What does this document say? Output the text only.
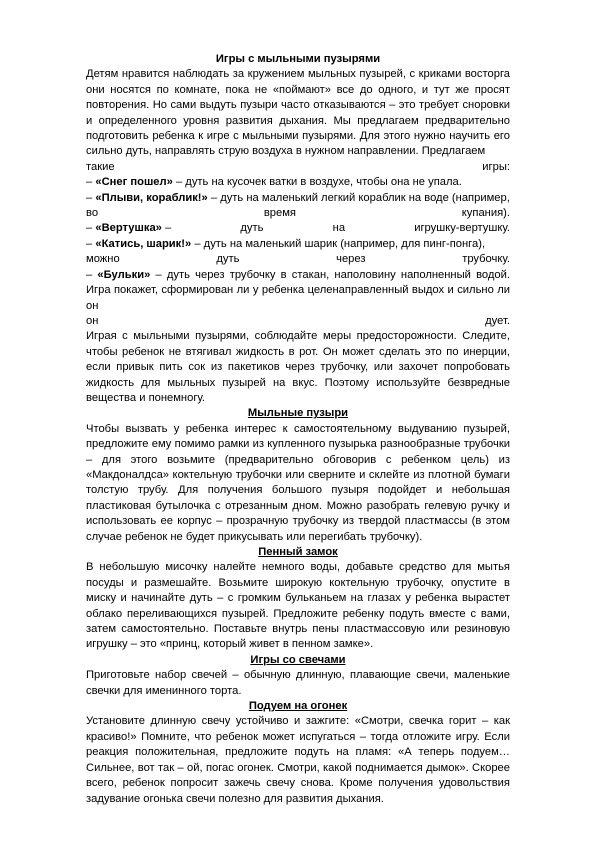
Игры с мыльными пузырями

Детям нравится наблюдать за кружением мыльных пузырей, с криками восторга они носятся по комнате, пока не «поймают» все до одного, и тут же просят повторения. Но сами выдуть пузыри часто отказываются – это требует сноровки и определенного уровня развития дыхания. Мы предлагаем предварительно подготовить ребенка к игре с мыльными пузырями. Для этого нужно научить его сильно дуть, направлять струю воздуха в нужном направлении. Предлагаем

такие	игры:

– «Снег пошел» – дуть на кусочек ватки в воздухе, чтобы она не упала.

– «Плыви, кораблик!» – дуть на маленький легкий кораблик на воде (например,

во	время	купания).
– «Вертушка» –	дуть	на	игрушку-вертушку.

– «Катись, шарик!» – дуть на маленький шарик (например, для пинг-понга),

можно	дуть	через	трубочку.

– «Бульки» – дуть через трубочку в стакан, наполовину наполненный водой. Игра покажет, сформирован ли у ребенка целенаправленный выдох и сильно ли он

он	дует.

Играя с мыльными пузырями, соблюдайте меры предосторожности. Следите, чтобы ребенок не втягивал жидкость в рот. Он может сделать это по инерции, если привык пить сок из пакетиков через трубочку, или захочет попробовать жидкость для мыльных пузырей на вкус. Поэтому используйте безвредные вещества и понемногу.

Мыльные пузыри

Чтобы вызвать у ребенка интерес к самостоятельному выдуванию пузырей, предложите ему помимо рамки из купленного пузырька разнообразные трубочки – для этого возьмите (предварительно обговорив с ребенком цель) из «Макдоналдса» коктельную трубочки или сверните и склейте из плотной бумаги толстую трубу. Для получения большого пузыря подойдет и небольшая пластиковая бутылочка с отрезанным дном. Можно разобрать гелевую ручку и использовать ее корпус – прозрачную трубочку из твердой пластмассы (в этом случае ребенок не будет прикусывать или перегибать трубочку).

Пенный замок

В небольшую мисочку налейте немного воды, добавьте средство для мытья посуды и размешайте. Возьмите широкую коктельную трубочку, опустите в миску и начинайте дуть – с громким бульканьем на глазах у ребенка вырастет облако переливающихся пузырей. Предложите ребенку подуть вместе с вами, затем самостоятельно. Поставьте внутрь пены пластмассовую или резиновую игрушку – это «принц, который живет в пенном замке».

Игры со свечами

Приготовьте набор свечей – обычную длинную, плавающие свечи, маленькие свечки для именинного торта.

Подуем на огонек

Установите длинную свечу устойчиво и зажгите: «Смотри, свечка горит – как красиво!» Помните, что ребенок может испугаться – тогда отложите игру. Если реакция положительная, предложите подуть на пламя: «А теперь подуем… Сильнее, вот так – ой, погас огонек. Смотри, какой поднимается дымок». Скорее всего, ребенок попросит зажечь свечу снова. Кроме получения удовольствия задувание огонька свечи полезно для развития дыхания.
